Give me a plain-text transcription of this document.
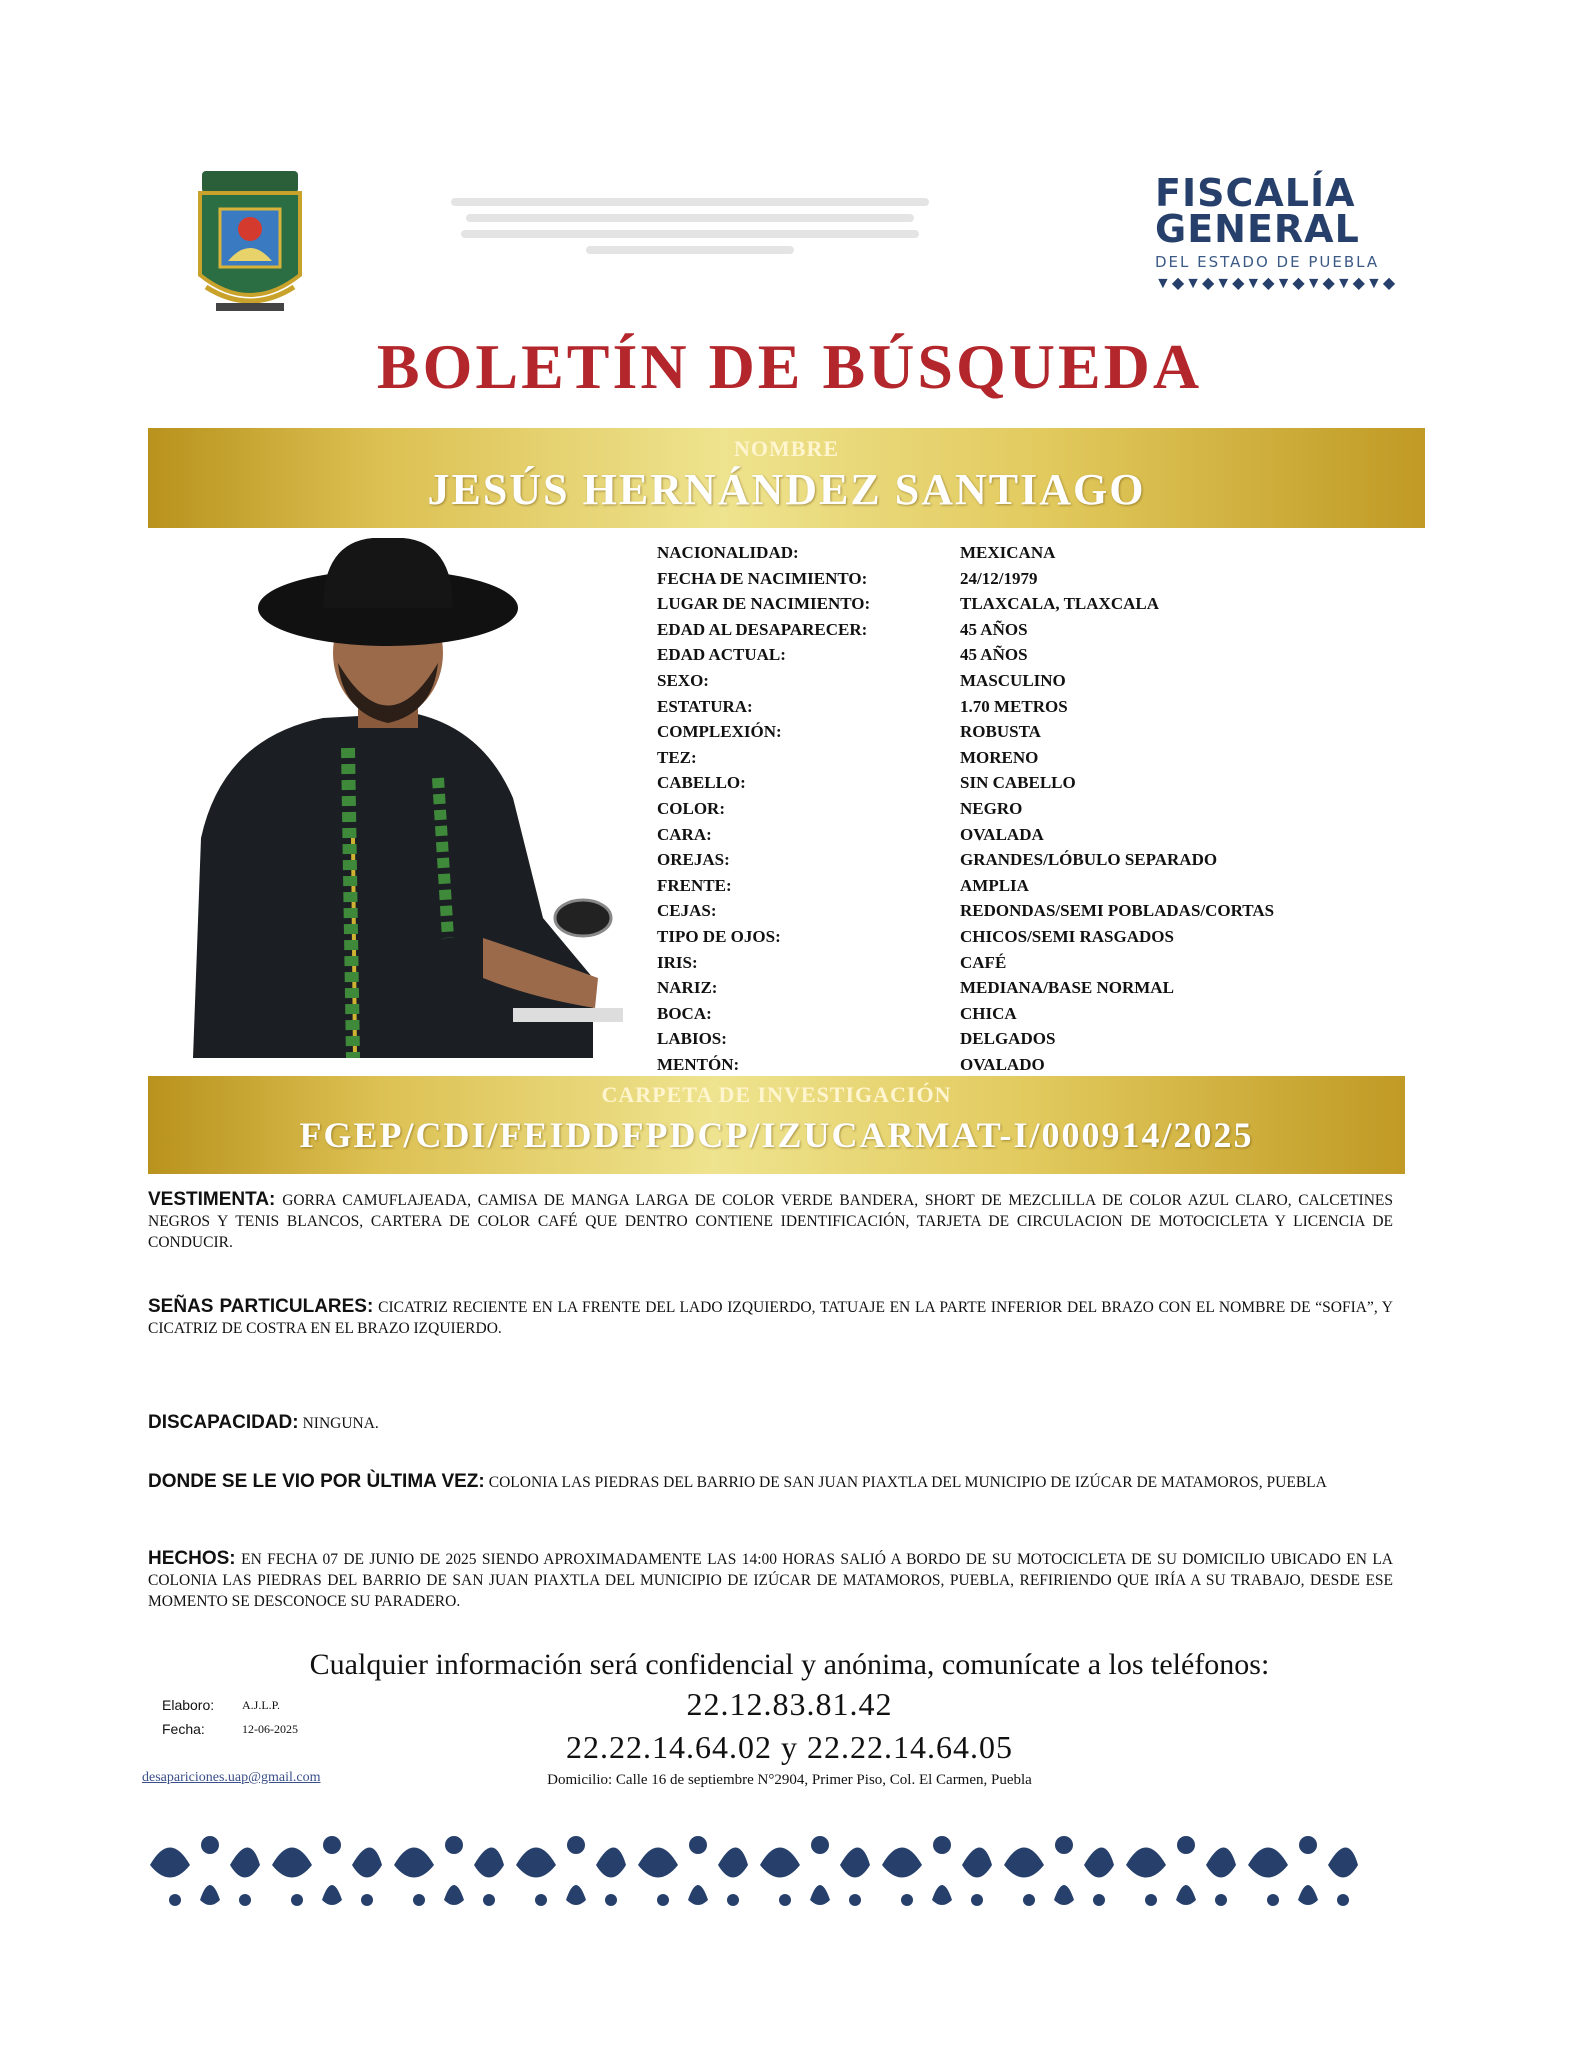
FISCALÍA
GENERAL
DEL ESTADO DE PUEBLA
▼◆▼◆▼◆▼◆▼◆▼◆▼◆▼◆
BOLETÍN DE BÚSQUEDA
NOMBRE
JESÚS HERNÁNDEZ SANTIAGO
NACIONALIDAD:	MEXICANA
FECHA DE NACIMIENTO:	24/12/1979
LUGAR DE NACIMIENTO:	TLAXCALA, TLAXCALA
EDAD AL DESAPARECER:	45 AÑOS
EDAD ACTUAL:	45 AÑOS
SEXO:	MASCULINO
ESTATURA:	1.70 METROS
COMPLEXIÓN:	ROBUSTA
TEZ:	MORENO
CABELLO:	SIN CABELLO
COLOR:	NEGRO
CARA:	OVALADA
OREJAS:	GRANDES/LÓBULO SEPARADO
FRENTE:	AMPLIA
CEJAS:	REDONDAS/SEMI POBLADAS/CORTAS
TIPO DE OJOS:	CHICOS/SEMI RASGADOS
IRIS:	CAFÉ
NARIZ:	MEDIANA/BASE NORMAL
BOCA:	CHICA
LABIOS:	DELGADOS
MENTÓN:	OVALADO
CARPETA DE INVESTIGACIÓN
FGEP/CDI/FEIDDFPDCP/IZUCARMAT-I/000914/2025
VESTIMENTA: GORRA CAMUFLAJEADA, CAMISA DE MANGA LARGA DE COLOR VERDE BANDERA, SHORT DE MEZCLILLA DE COLOR AZUL CLARO, CALCETINES NEGROS Y TENIS BLANCOS, CARTERA DE COLOR CAFÉ QUE DENTRO CONTIENE IDENTIFICACIÓN, TARJETA DE CIRCULACION DE MOTOCICLETA Y LICENCIA DE CONDUCIR.
SEÑAS PARTICULARES: CICATRIZ RECIENTE EN LA FRENTE DEL LADO IZQUIERDO, TATUAJE EN LA PARTE INFERIOR DEL BRAZO CON EL NOMBRE DE “SOFIA”, Y CICATRIZ DE COSTRA EN EL BRAZO IZQUIERDO.
DISCAPACIDAD: NINGUNA.
DONDE SE LE VIO POR ÙLTIMA VEZ: COLONIA LAS PIEDRAS DEL BARRIO DE SAN JUAN PIAXTLA DEL MUNICIPIO DE IZÚCAR DE MATAMOROS, PUEBLA
HECHOS: EN FECHA 07 DE JUNIO DE 2025 SIENDO APROXIMADAMENTE LAS 14:00 HORAS SALIÓ A BORDO DE SU MOTOCICLETA DE SU DOMICILIO UBICADO EN LA COLONIA LAS PIEDRAS DEL BARRIO DE SAN JUAN PIAXTLA DEL MUNICIPIO DE IZÚCAR DE MATAMOROS, PUEBLA, REFIRIENDO QUE IRÍA A SU TRABAJO, DESDE ESE MOMENTO SE DESCONOCE SU PARADERO.
Cualquier información será confidencial y anónima, comunícate a los teléfonos:
22.12.83.81.42
22.22.14.64.02 y 22.22.14.64.05
Domicilio: Calle 16 de septiembre N°2904, Primer Piso, Col. El Carmen, Puebla
Elaboro:	A.J.L.P.
Fecha:	12-06-2025
desapariciones.uap@gmail.com
